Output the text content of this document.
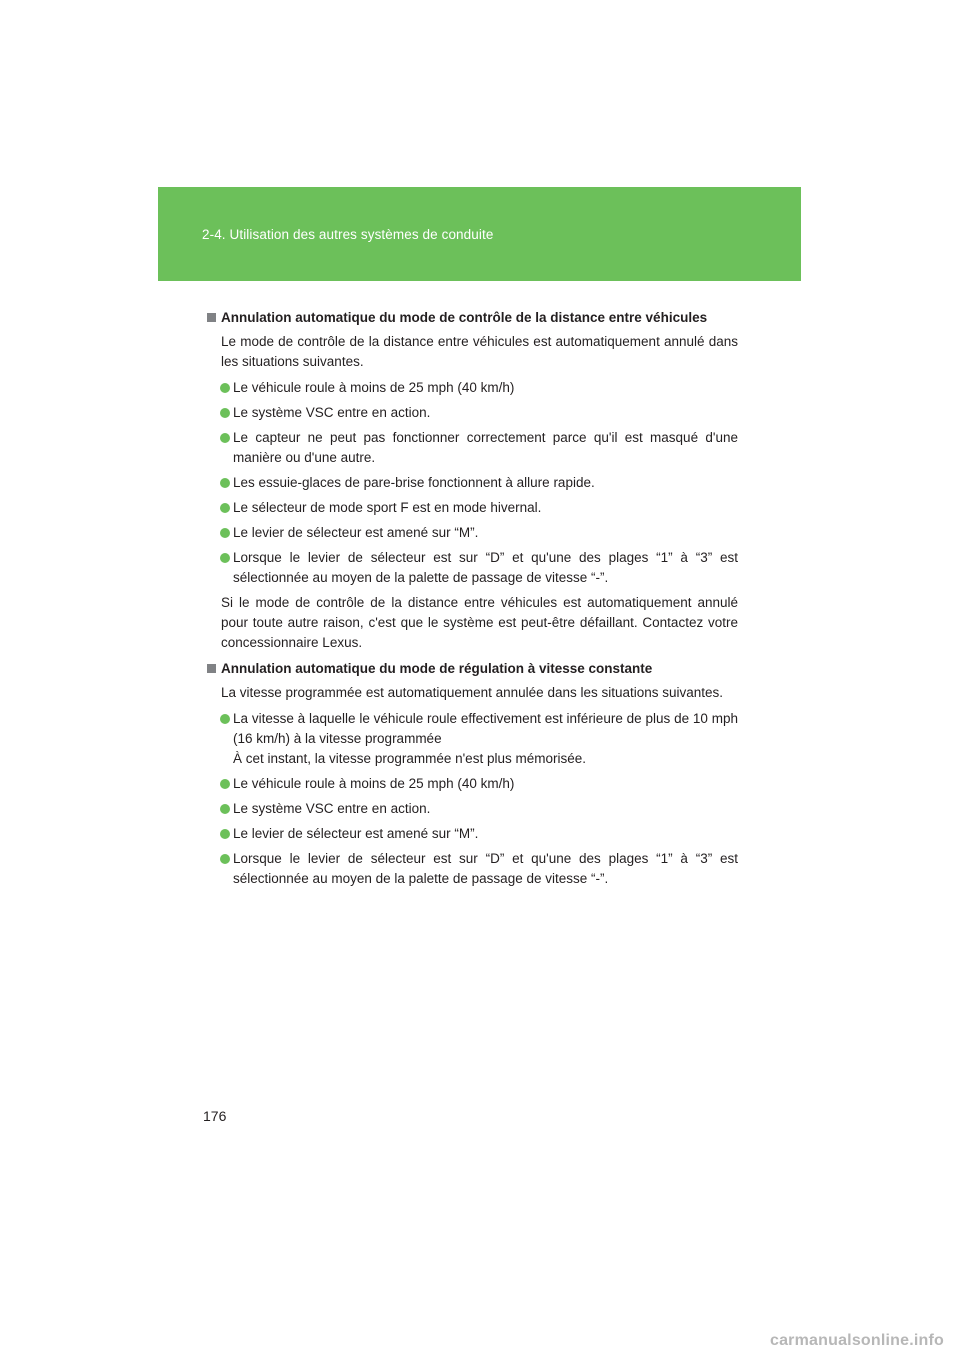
2-4. Utilisation des autres systèmes de conduite
Annulation automatique du mode de contrôle de la distance entre véhicules
Le mode de contrôle de la distance entre véhicules est automatiquement annulé dans les situations suivantes.
Le véhicule roule à moins de 25 mph (40 km/h)
Le système VSC entre en action.
Le capteur ne peut pas fonctionner correctement parce qu'il est masqué d'une manière ou d'une autre.
Les essuie-glaces de pare-brise fonctionnent à allure rapide.
Le sélecteur de mode sport F est en mode hivernal.
Le levier de sélecteur est amené sur “M”.
Lorsque le levier de sélecteur est sur “D” et qu'une des plages “1” à “3” est sélectionnée au moyen de la palette de passage de vitesse “-”.
Si le mode de contrôle de la distance entre véhicules est automatiquement annulé pour toute autre raison, c'est que le système est peut-être défaillant. Contactez votre concessionnaire Lexus.
Annulation automatique du mode de régulation à vitesse constante
La vitesse programmée est automatiquement annulée dans les situations suivantes.
La vitesse à laquelle le véhicule roule effectivement est inférieure de plus de 10 mph (16 km/h) à la vitesse programmée
À cet instant, la vitesse programmée n'est plus mémorisée.
Le véhicule roule à moins de 25 mph (40 km/h)
Le système VSC entre en action.
Le levier de sélecteur est amené sur “M”.
Lorsque le levier de sélecteur est sur “D” et qu'une des plages “1” à “3” est sélectionnée au moyen de la palette de passage de vitesse “-”.
176
carmanualsonline.info
